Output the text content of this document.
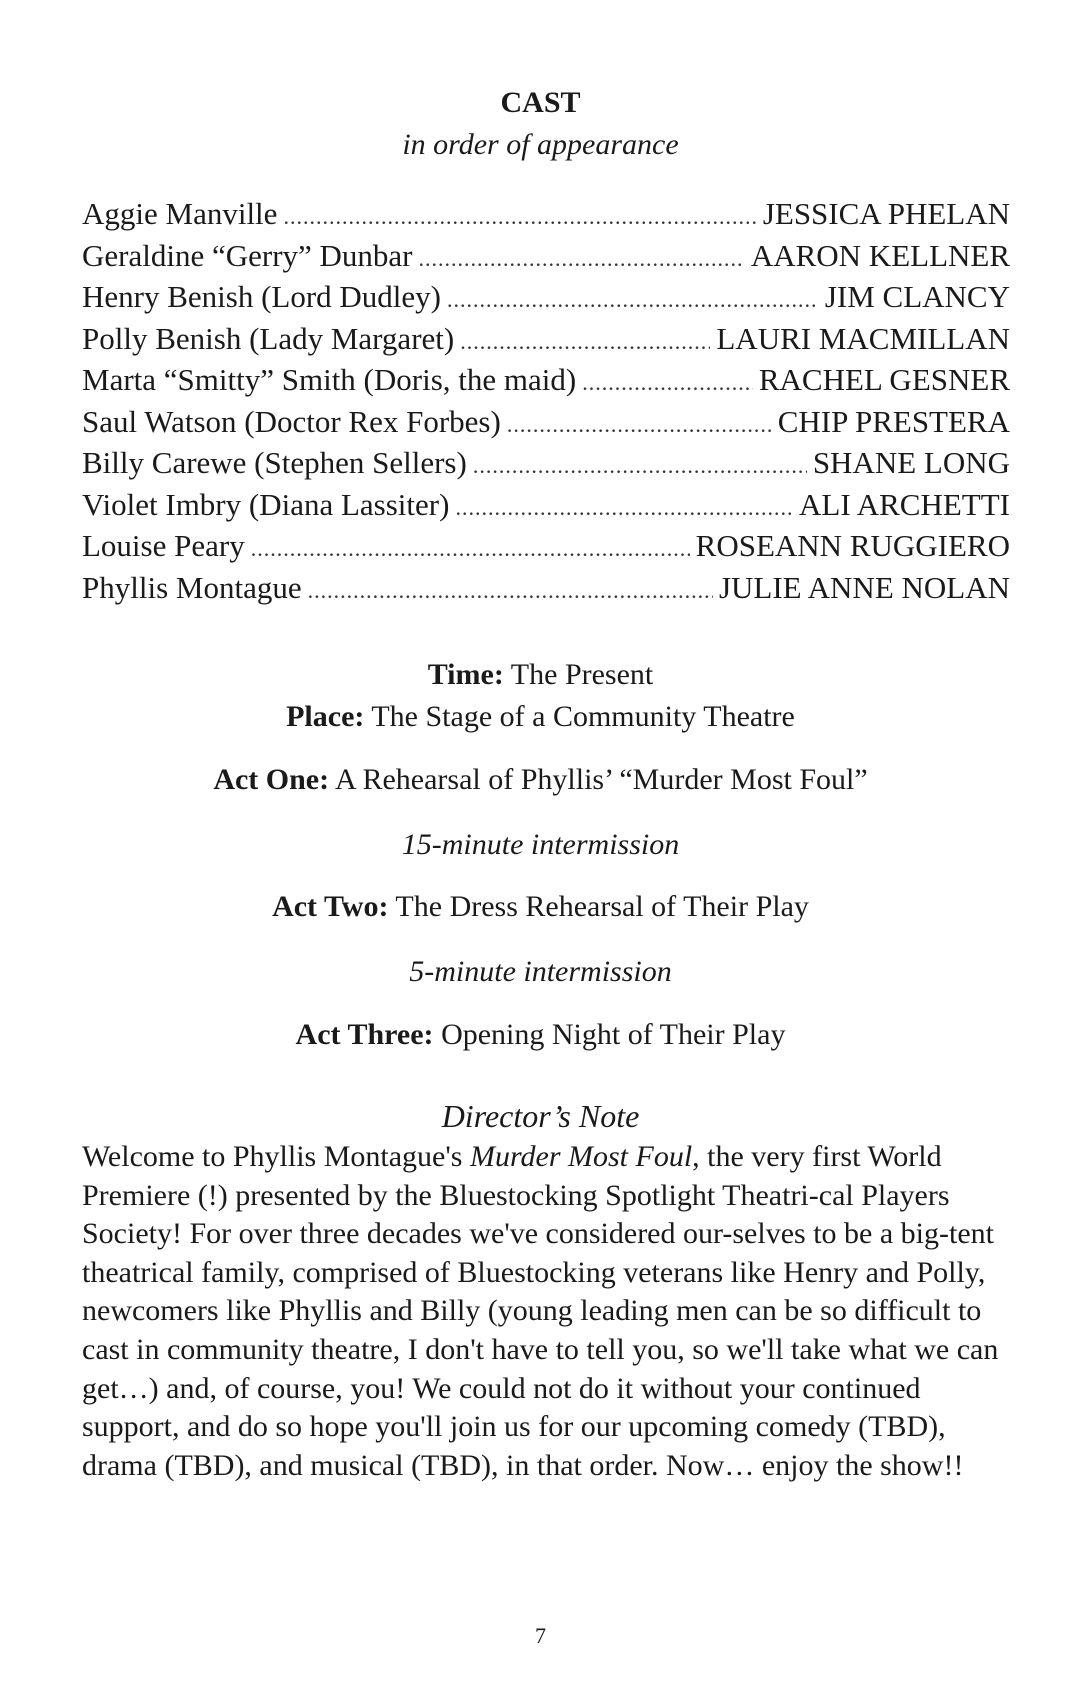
CAST
in order of appearance
Aggie Manville .....	JESSICA PHELAN
Geraldine “Gerry” Dunbar .....	AARON KELLNER
Henry Benish (Lord Dudley) .....	JIM CLANCY
Polly Benish (Lady Margaret) .....	LAURI MACMILLAN
Marta “Smitty” Smith (Doris, the maid) .....	RACHEL GESNER
Saul Watson (Doctor Rex Forbes) .....	CHIP PRESTERA
Billy Carewe (Stephen Sellers) .....	SHANE LONG
Violet Imbry (Diana Lassiter) .....	ALI ARCHETTI
Louise Peary .....	ROSEANN RUGGIERO
Phyllis Montague .....	JULIE ANNE NOLAN
Time: The Present
Place: The Stage of a Community Theatre
Act One: A Rehearsal of Phyllis’ “Murder Most Foul”
15-minute intermission
Act Two: The Dress Rehearsal of Their Play
5-minute intermission
Act Three: Opening Night of Their Play
Director’s Note
Welcome to Phyllis Montague's Murder Most Foul, the very first World Premiere (!) presented by the Bluestocking Spotlight Theatri-cal Players Society! For over three decades we've considered our-selves to be a big-tent theatrical family, comprised of Bluestocking veterans like Henry and Polly, newcomers like Phyllis and Billy (young leading men can be so difficult to cast in community theatre, I don't have to tell you, so we'll take what we can get…) and, of course, you! We could not do it without your continued support, and do so hope you'll join us for our upcoming comedy (TBD), drama (TBD), and musical (TBD), in that order. Now… enjoy the show!!
7
